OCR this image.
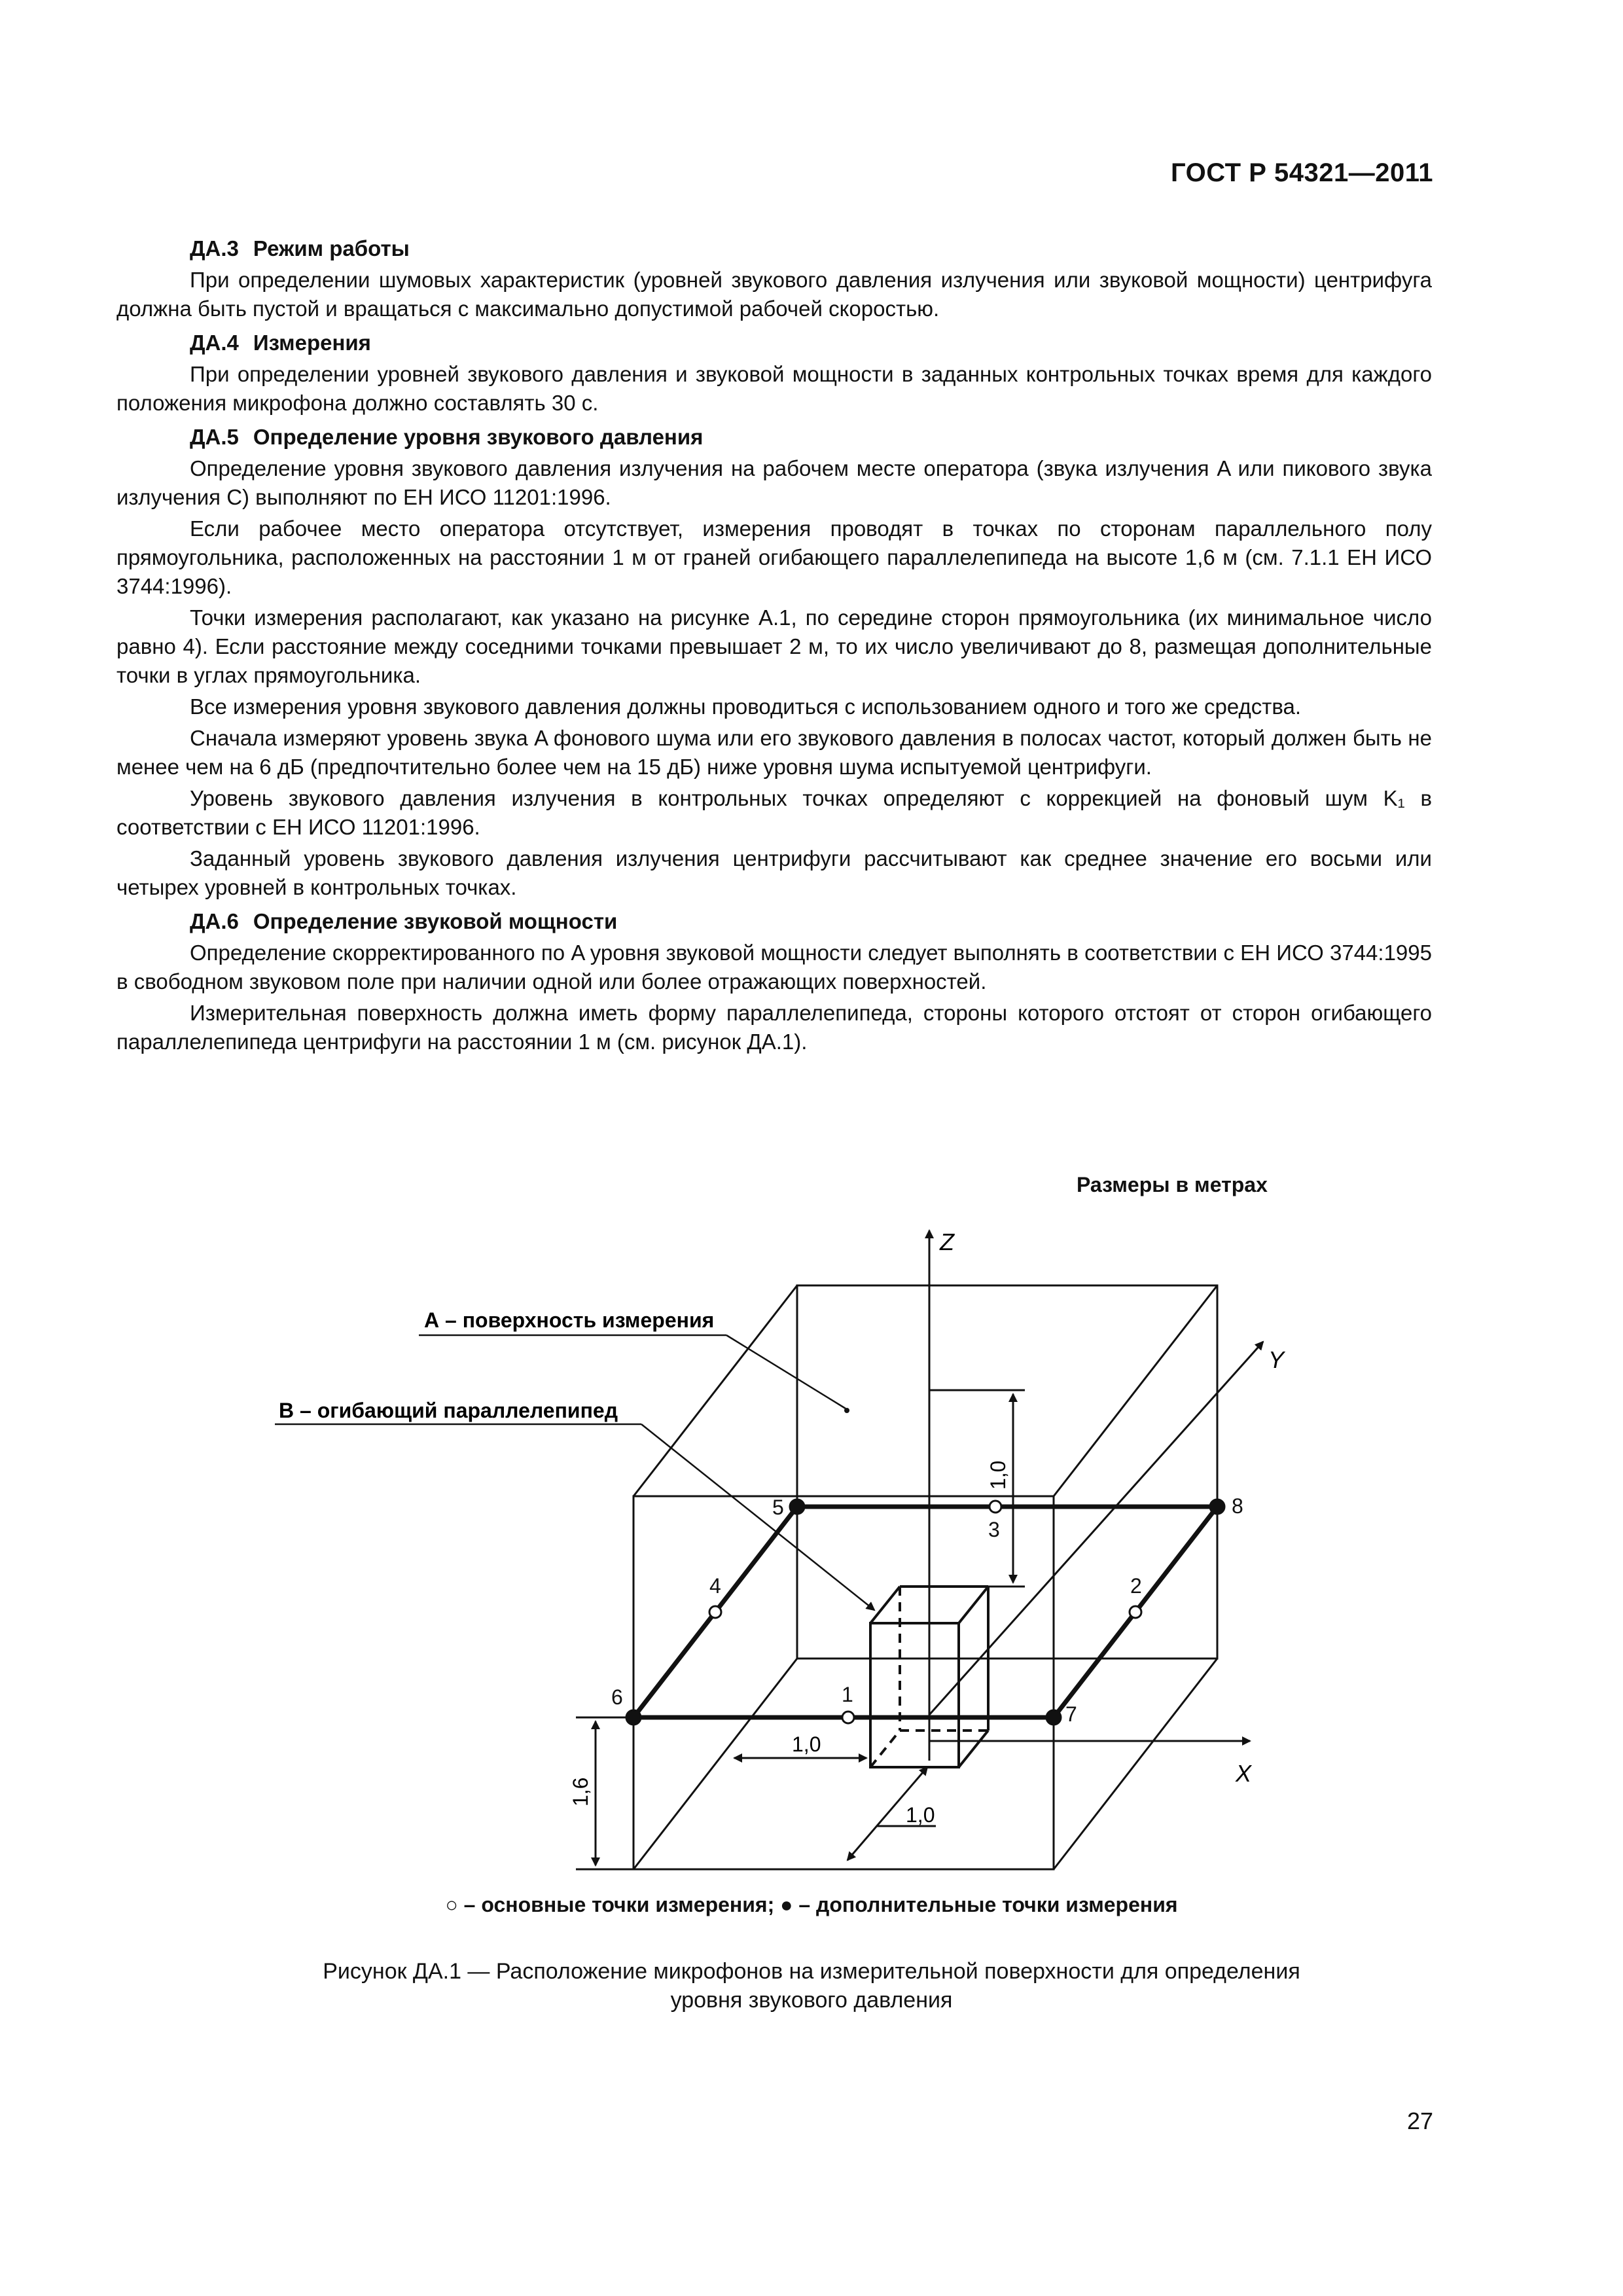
ГОСТ Р 54321—2011
ДА.3 Режим работы

При определении шумовых характеристик (уровней звукового давления излучения или звуковой мощности) центрифуга должна быть пустой и вращаться с максимально допустимой рабочей скоростью.

ДА.4 Измерения

При определении уровней звукового давления и звуковой мощности в заданных контрольных точках время для каждого положения микрофона должно составлять 30 с.

ДА.5 Определение уровня звукового давления

Определение уровня звукового давления излучения на рабочем месте оператора (звука излучения A или пикового звука излучения C) выполняют по ЕН ИСО 11201:1996.

Если рабочее место оператора отсутствует, измерения проводят в точках по сторонам параллельного полу прямоугольника, расположенных на расстоянии 1 м от граней огибающего параллелепипеда на высоте 1,6 м (см. 7.1.1 ЕН ИСО 3744:1996).

Точки измерения располагают, как указано на рисунке А.1, по середине сторон прямоугольника (их минимальное число равно 4). Если расстояние между соседними точками превышает 2 м, то их число увеличивают до 8, размещая дополнительные точки в углах прямоугольника.

Все измерения уровня звукового давления должны проводиться с использованием одного и того же средства.

Сначала измеряют уровень звука A фонового шума или его звукового давления в полосах частот, который должен быть не менее чем на 6 дБ (предпочтительно более чем на 15 дБ) ниже уровня шума испытуемой центрифуги.

Уровень звукового давления излучения в контрольных точках определяют с коррекцией на фоновый шум K₁ в соответствии с ЕН ИСО 11201:1996.

Заданный уровень звукового давления излучения центрифуги рассчитывают как среднее значение его восьми или четырех уровней в контрольных точках.

ДА.6 Определение звуковой мощности

Определение скорректированного по A уровня звуковой мощности следует выполнять в соответствии с ЕН ИСО 3744:1995 в свободном звуковом поле при наличии одной или более отражающих поверхностей.

Измерительная поверхность должна иметь форму параллелепипеда, стороны которого отстоят от сторон огибающего параллелепипеда центрифуги на расстоянии 1 м (см. рисунок ДА.1).

Размеры в метрах
Z
Y
X
1
2
3
4
5
6
7
8
1,6
1,0
1,0
1,0
А – поверхность измерения
В – огибающий параллелепипед
○ – основные точки измерения; ● – дополнительные точки измерения
Рисунок ДА.1 — Расположение микрофонов на измерительной поверхности для определения
уровня звукового давления
27
